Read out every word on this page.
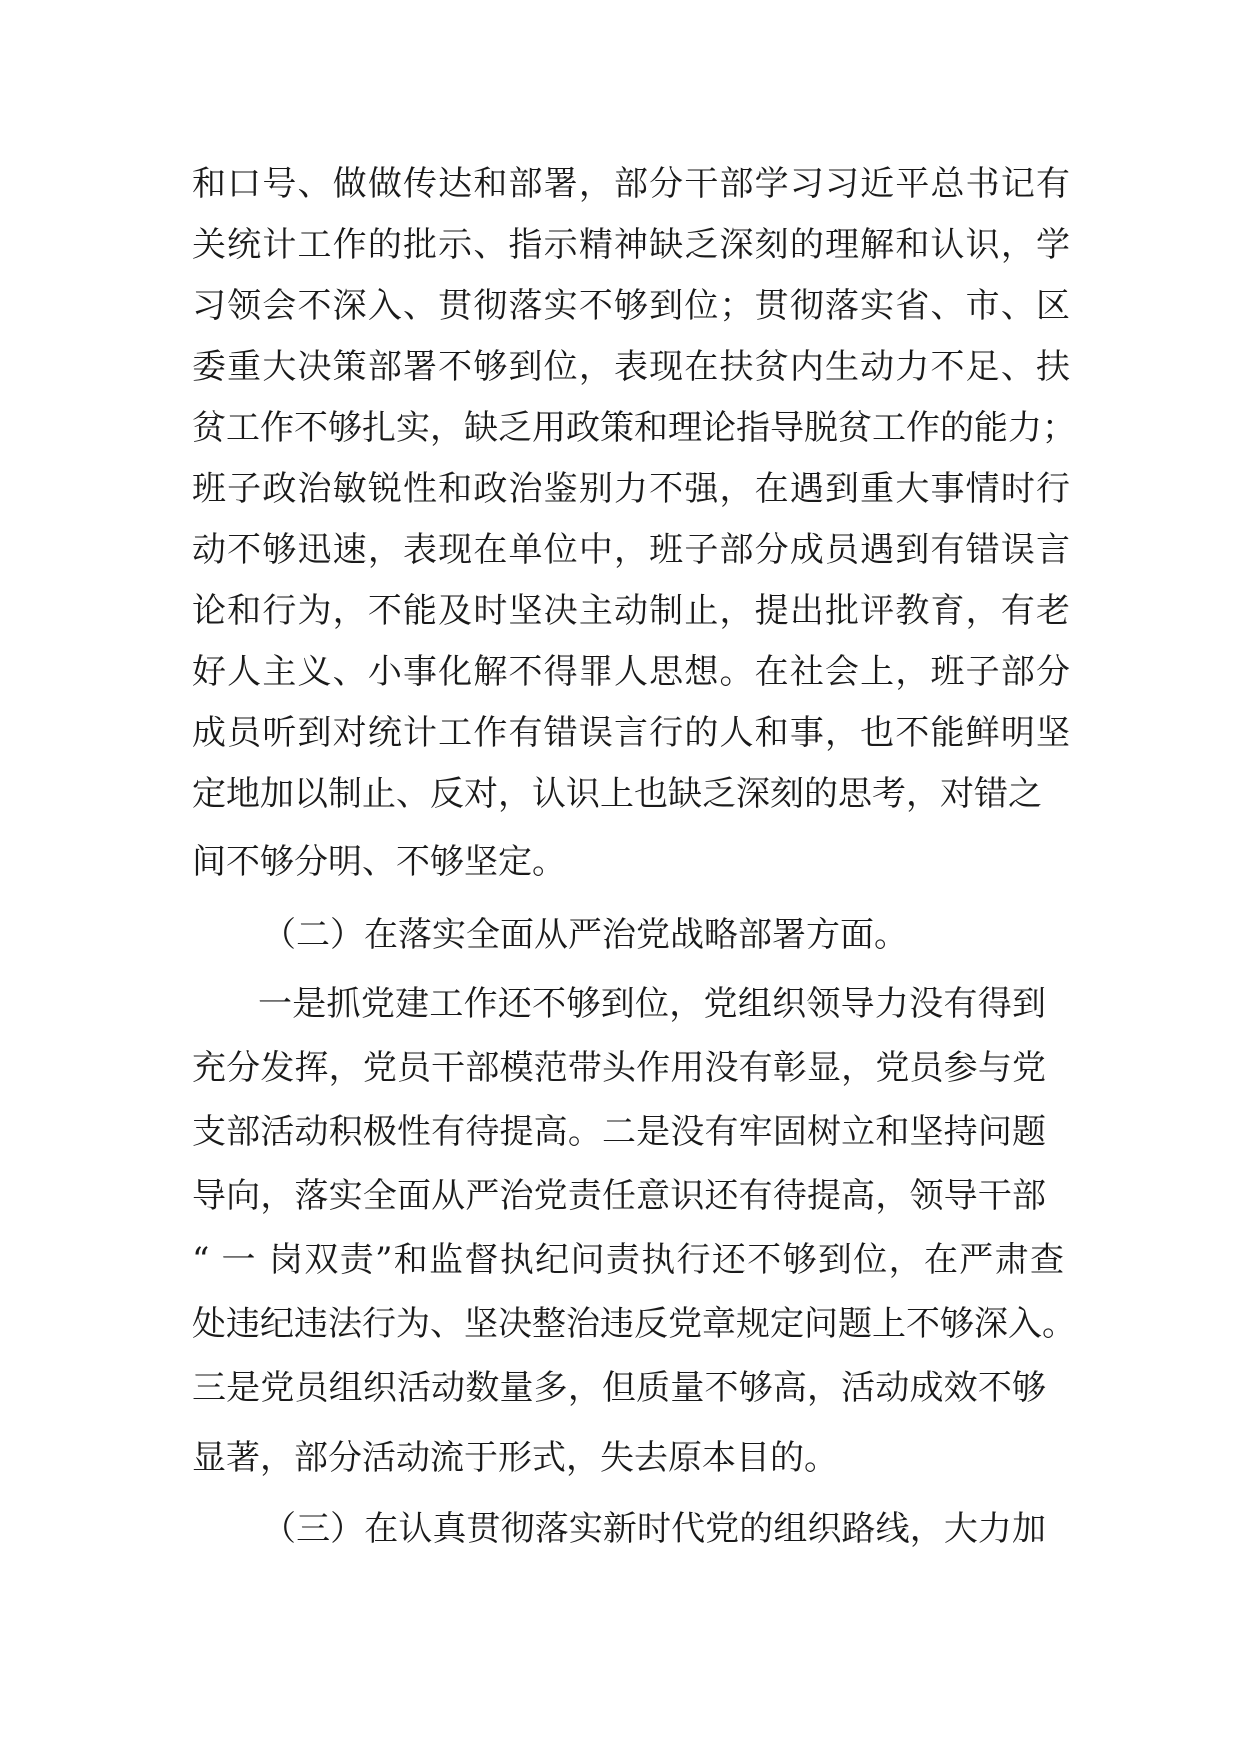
和口号、做做传达和部署，部分干部学习习近平总书记有
关统计工作的批示、指示精神缺乏深刻的理解和认识，学
习领会不深入、贯彻落实不够到位；贯彻落实省、市、区
委重大决策部署不够到位，表现在扶贫内生动力不足、扶
贫工作不够扎实，缺乏用政策和理论指导脱贫工作的能力；
班子政治敏锐性和政治鉴别力不强，在遇到重大事情时行
动不够迅速，表现在单位中，班子部分成员遇到有错误言
论和行为，不能及时坚决主动制止，提出批评教育，有老
好人主义、小事化解不得罪人思想。在社会上，班子部分
成员听到对统计工作有错误言行的人和事，也不能鲜明坚
定地加以制止、反对，认识上也缺乏深刻的思考，对错之
间不够分明、不够坚定。
（二）在落实全面从严治党战略部署方面。
一是抓党建工作还不够到位，党组织领导力没有得到
充分发挥，党员干部模范带头作用没有彰显，党员参与党
支部活动积极性有待提高。二是没有牢固树立和坚持问题
导向，落实全面从严治党责任意识还有待提高，领导干部
“ 一 岗双责”和监督执纪问责执行还不够到位，在严肃查
处违纪违法行为、坚决整治违反党章规定问题上不够深入。
三是党员组织活动数量多，但质量不够高，活动成效不够
显著，部分活动流于形式，失去原本目的。
（三）在认真贯彻落实新时代党的组织路线，大力加
